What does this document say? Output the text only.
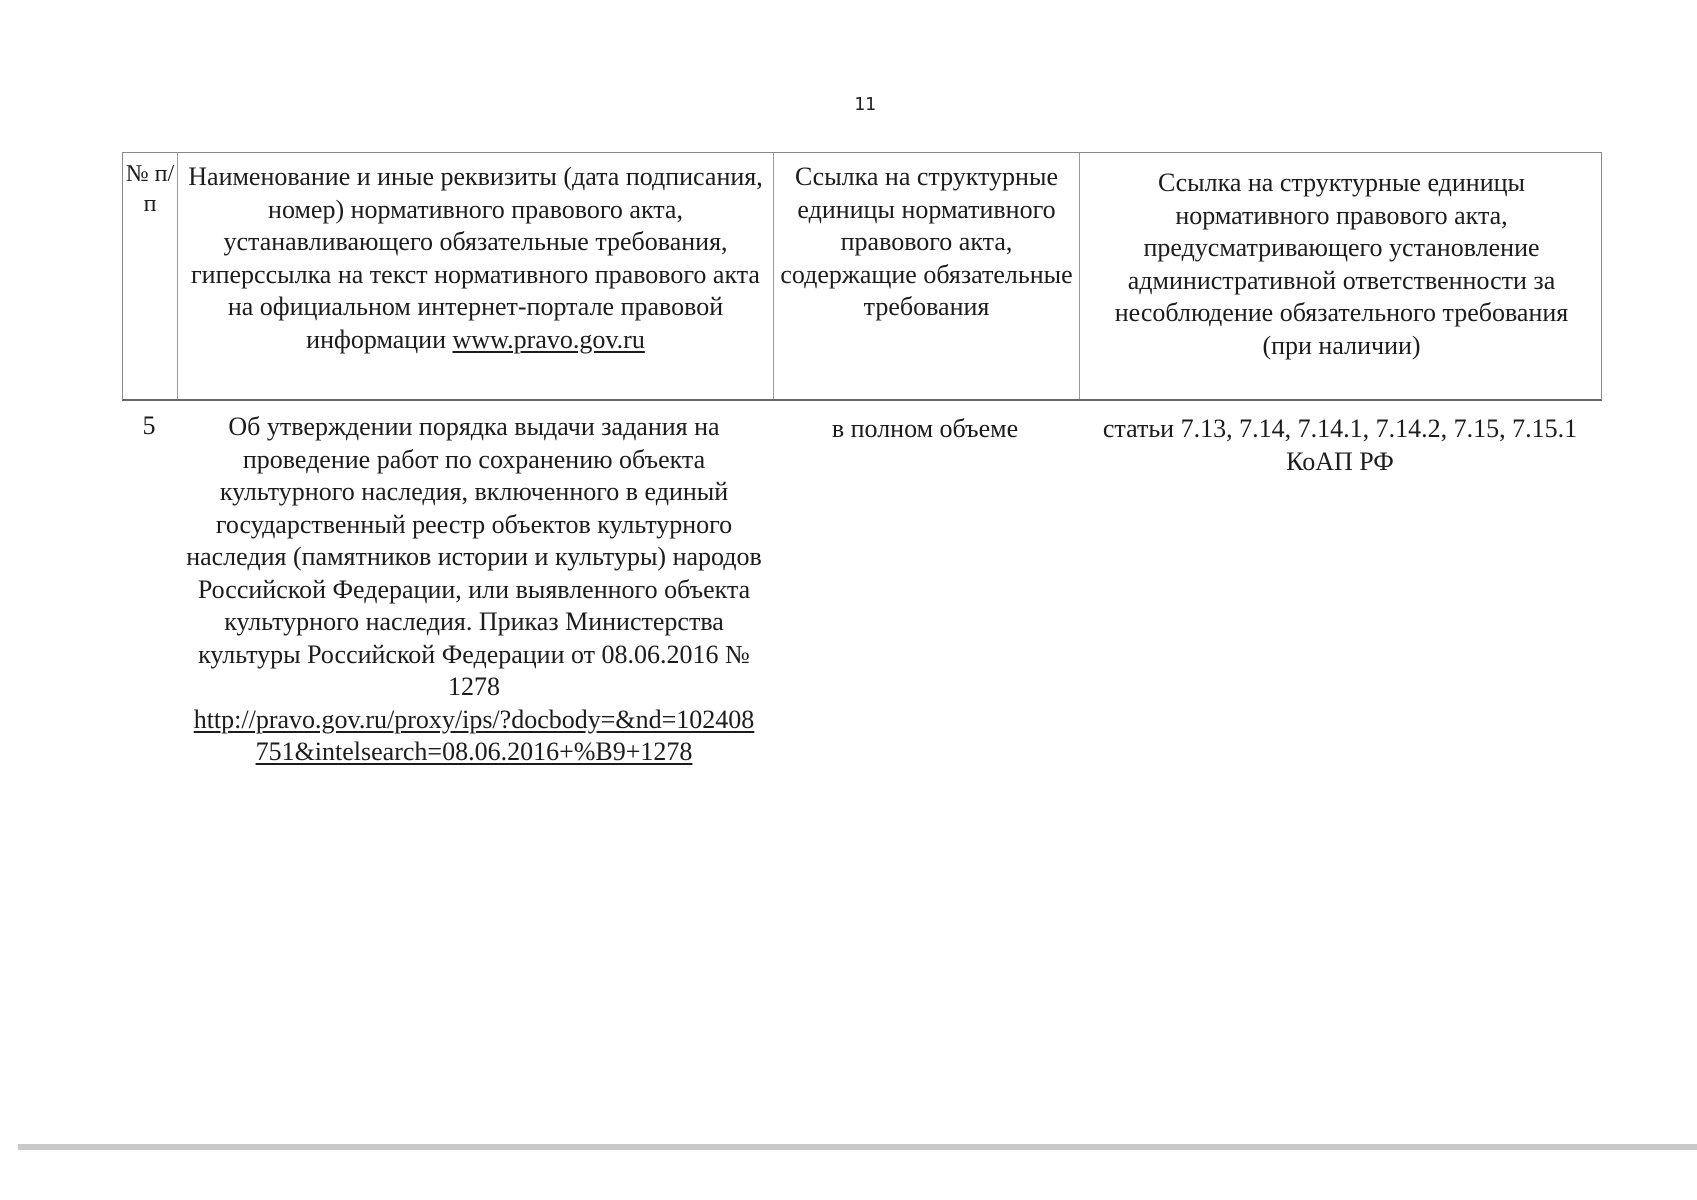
11
№ п/п
Наименование и иные реквизиты (дата подписания, номер) нормативного правового акта, устанавливающего обязательные требования, гиперссылка на текст нормативного правового акта на официальном интернет-портале правовой информации www.pravo.gov.ru
Ссылка на структурные единицы нормативного правового акта, содержащие обязательные требования
Ссылка на структурные единицы нормативного правового акта, предусматривающего установление административной ответственности за несоблюдение обязательного требования (при наличии)
5	Об утверждении порядка выдачи задания на проведение работ по сохранению объекта культурного наследия, включенного в единый государственный реестр объектов культурного наследия (памятников истории и культуры) народов Российской Федерации, или выявленного объекта культурного наследия. Приказ Министерства культуры Российской Федерации от 08.06.2016 № 1278
http://pravo.gov.ru/proxy/ips/?docbody=&nd=102408751&intelsearch=08.06.2016+%B9+1278
в полном объеме	статьи 7.13, 7.14, 7.14.1, 7.14.2, 7.15, 7.15.1 КоАП РФ
